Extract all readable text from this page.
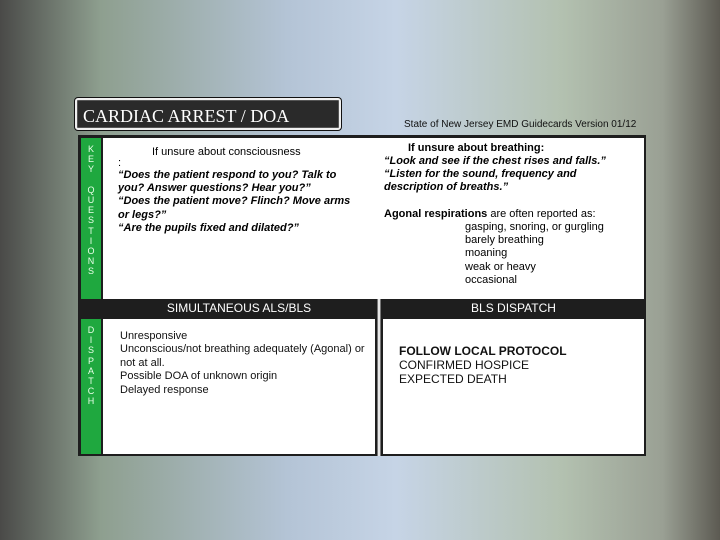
CARDIAC ARREST / DOA	State of New Jersey EMD Guidecards Version 01/12
K
E
Y

Q
U
E
S
T
I
O
N
S
If unsure about consciousness
:
“Does the patient respond to you? Talk to you? Answer questions? Hear you?”
“Does the patient move? Flinch? Move arms or legs?”
“Are the pupils fixed and dilated?”
If unsure about breathing:
“Look and see if the chest rises and falls.”
“Listen for the sound, frequency and description of breaths.”
Agonal respirations are often reported as:
gasping, snoring, or gurgling
barely breathing
moaning
weak or heavy
occasional
SIMULTANEOUS ALS/BLS	BLS DISPATCH
D
I
S
P
A
T
C
H
Unresponsive
Unconscious/not breathing adequately (Agonal) or not at all.
Possible DOA of unknown origin
Delayed response
FOLLOW LOCAL PROTOCOL
CONFIRMED HOSPICE
EXPECTED DEATH
